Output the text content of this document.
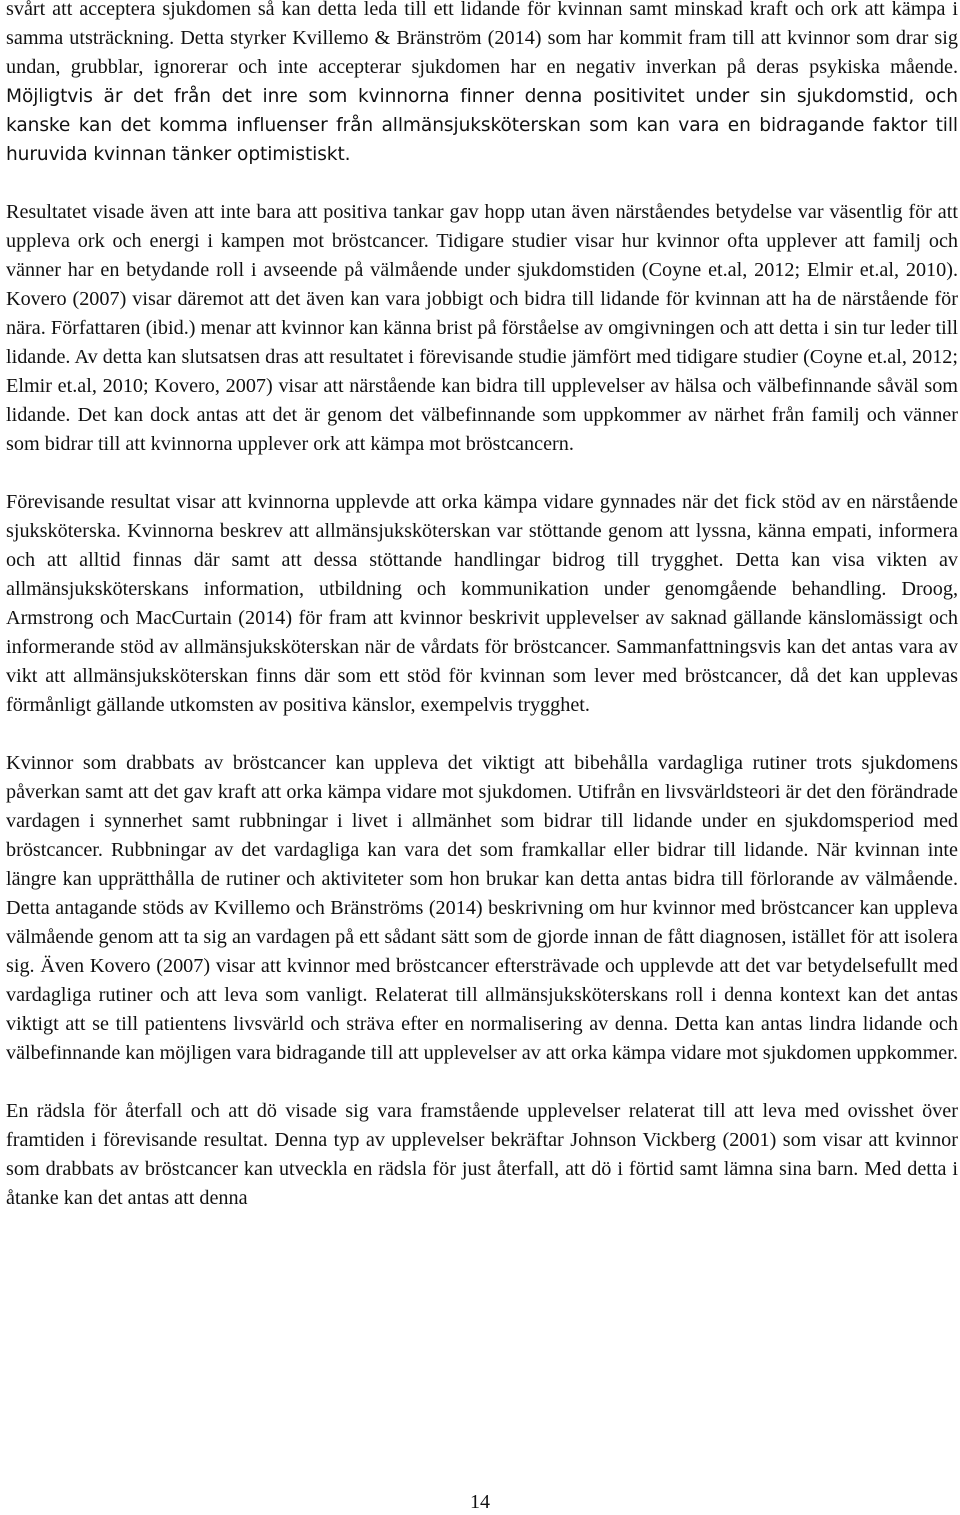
svårt att acceptera sjukdomen så kan detta leda till ett lidande för kvinnan samt minskad kraft och ork att kämpa i samma utsträckning. Detta styrker Kvillemo & Bränström (2014) som har kommit fram till att kvinnor som drar sig undan, grubblar, ignorerar och inte accepterar sjukdomen har en negativ inverkan på deras psykiska mående. Möjligtvis är det från det inre som kvinnorna finner denna positivitet under sin sjukdomstid, och kanske kan det komma influenser från allmänsjuksköterskan som kan vara en bidragande faktor till huruvida kvinnan tänker optimistiskt.

Resultatet visade även att inte bara att positiva tankar gav hopp utan även närståendes betydelse var väsentlig för att uppleva ork och energi i kampen mot bröstcancer. Tidigare studier visar hur kvinnor ofta upplever att familj och vänner har en betydande roll i avseende på välmående under sjukdomstiden (Coyne et.al, 2012; Elmir et.al, 2010). Kovero (2007) visar däremot att det även kan vara jobbigt och bidra till lidande för kvinnan att ha de närstående för nära. Författaren (ibid.) menar att kvinnor kan känna brist på förståelse av omgivningen och att detta i sin tur leder till lidande. Av detta kan slutsatsen dras att resultatet i förevisande studie jämfört med tidigare studier (Coyne et.al, 2012; Elmir et.al, 2010; Kovero, 2007) visar att närstående kan bidra till upplevelser av hälsa och välbefinnande såväl som lidande. Det kan dock antas att det är genom det välbefinnande som uppkommer av närhet från familj och vänner som bidrar till att kvinnorna upplever ork att kämpa mot bröstcancern.

Förevisande resultat visar att kvinnorna upplevde att orka kämpa vidare gynnades när det fick stöd av en närstående sjuksköterska. Kvinnorna beskrev att allmänsjuksköterskan var stöttande genom att lyssna, känna empati, informera och att alltid finnas där samt att dessa stöttande handlingar bidrog till trygghet. Detta kan visa vikten av allmänsjuksköterskans information, utbildning och kommunikation under genomgående behandling. Droog, Armstrong och MacCurtain (2014) för fram att kvinnor beskrivit upplevelser av saknad gällande känslomässigt och informerande stöd av allmänsjuksköterskan när de vårdats för bröstcancer. Sammanfattningsvis kan det antas vara av vikt att allmänsjuksköterskan finns där som ett stöd för kvinnan som lever med bröstcancer, då det kan upplevas förmånligt gällande utkomsten av positiva känslor, exempelvis trygghet.

Kvinnor som drabbats av bröstcancer kan uppleva det viktigt att bibehålla vardagliga rutiner trots sjukdomens påverkan samt att det gav kraft att orka kämpa vidare mot sjukdomen. Utifrån en livsvärldsteori är det den förändrade vardagen i synnerhet samt rubbningar i livet i allmänhet som bidrar till lidande under en sjukdomsperiod med bröstcancer. Rubbningar av det vardagliga kan vara det som framkallar eller bidrar till lidande. När kvinnan inte längre kan upprätthålla de rutiner och aktiviteter som hon brukar kan detta antas bidra till förlorande av välmående. Detta antagande stöds av Kvillemo och Bränströms (2014) beskrivning om hur kvinnor med bröstcancer kan uppleva välmående genom att ta sig an vardagen på ett sådant sätt som de gjorde innan de fått diagnosen, istället för att isolera sig. Även Kovero (2007) visar att kvinnor med bröstcancer eftersträvade och upplevde att det var betydelsefullt med vardagliga rutiner och att leva som vanligt. Relaterat till allmänsjuksköterskans roll i denna kontext kan det antas viktigt att se till patientens livsvärld och sträva efter en normalisering av denna. Detta kan antas lindra lidande och välbefinnande kan möjligen vara bidragande till att upplevelser av att orka kämpa vidare mot sjukdomen uppkommer.

En rädsla för återfall och att dö visade sig vara framstående upplevelser relaterat till att leva med ovisshet över framtiden i förevisande resultat. Denna typ av upplevelser bekräftar Johnson Vickberg (2001) som visar att kvinnor som drabbats av bröstcancer kan utveckla en rädsla för just återfall, att dö i förtid samt lämna sina barn. Med detta i åtanke kan det antas att denna

14
